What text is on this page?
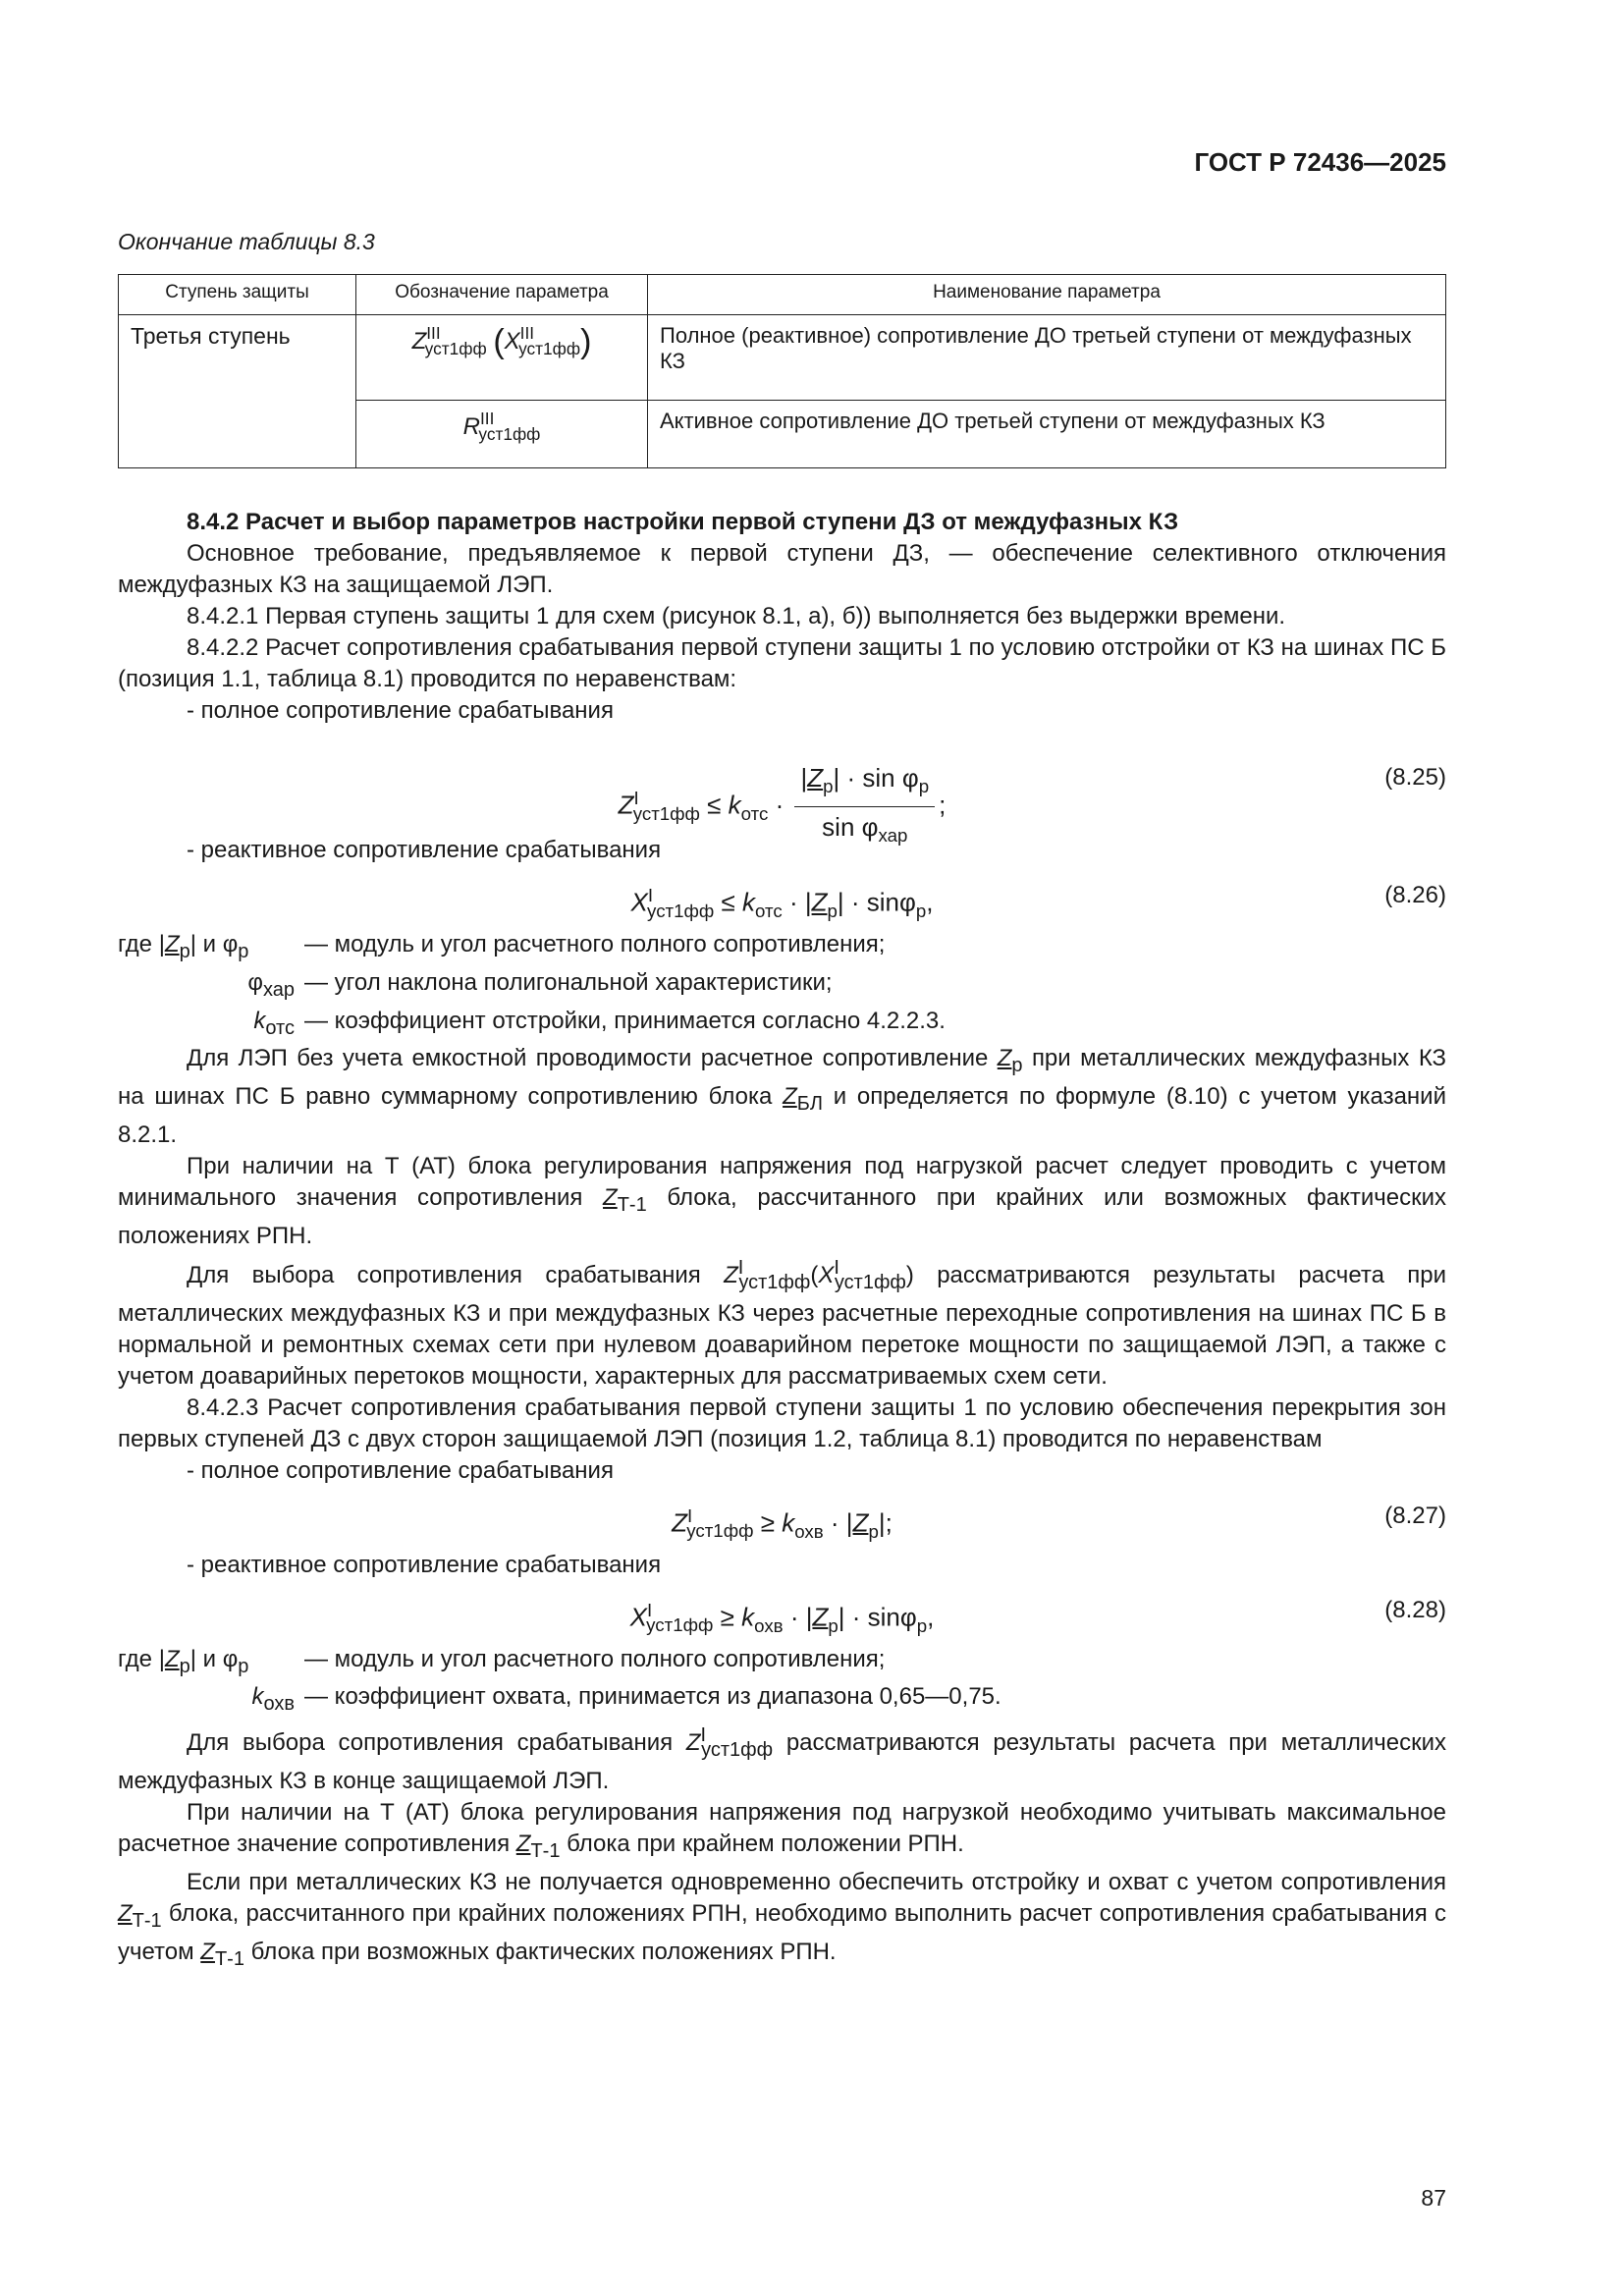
ГОСТ Р 72436—2025
Окончание таблицы 8.3
Ступень защиты	Обозначение параметра	Наименование параметра
Третья ступень	$Z^{III}_{уст1фф}$ $(X^{III}_{уст1фф})$	Полное (реактивное) сопротивление ДО третьей ступени от междуфазных КЗ
	$R^{III}_{уст1фф}$	Активное сопротивление ДО третьей ступени от междуфазных КЗ

8.4.2 Расчет и выбор параметров настройки первой ступени ДЗ от междуфазных КЗ

Основное требование, предъявляемое к первой ступени ДЗ, — обеспечение селективного отключения междуфазных КЗ на защищаемой ЛЭП.

8.4.2.1 Первая ступень защиты 1 для схем (рисунок 8.1, а), б)) выполняется без выдержки времени.

8.4.2.2 Расчет сопротивления срабатывания первой ступени защиты 1 по условию отстройки от КЗ на шинах ПС Б (позиция 1.1, таблица 8.1) проводится по неравенствам:

- полное сопротивление срабатывания

$Z^I_{уст1фф} \le k_{отс} \cdot \frac{|Z_р| \cdot \sin \varphi_р}{\sin \varphi_{хар}}$ ;
(8.25)

- реактивное сопротивление срабатывания

$X^I_{уст1фф} \le k_{отс} \cdot |Z_р| \cdot \sin\varphi_р$,	(8.26)
где $|Z_р|$ и $\varphi_р$	— модуль и угол расчетного полного сопротивления;
$\varphi_{хар}$ — угол наклона полигональной характеристики;
$k_{отс}$ — коэффициент отстройки, принимается согласно 4.2.2.3.

Для ЛЭП без учета емкостной проводимости расчетное сопротивление $Z_р$ при металлических междуфазных КЗ на шинах ПС Б равно суммарному сопротивлению блока $Z_{БЛ}$ и определяется по формуле (8.10) с учетом указаний 8.2.1.

При наличии на Т (АТ) блока регулирования напряжения под нагрузкой расчет следует проводить с учетом минимального значения сопротивления $Z_{Т-1}$ блока, рассчитанного при крайних или возможных фактических положениях РПН.

Для выбора сопротивления срабатывания $Z^I_{уст1фф}(X^I_{уст1фф})$ рассматриваются результаты расчета при металлических междуфазных КЗ и при междуфазных КЗ через расчетные переходные сопротивления на шинах ПС Б в нормальной и ремонтных схемах сети при нулевом доаварийном перетоке мощности по защищаемой ЛЭП, а также с учетом доаварийных перетоков мощности, характерных для рассматриваемых схем сети.

8.4.2.3 Расчет сопротивления срабатывания первой ступени защиты 1 по условию обеспечения перекрытия зон первых ступеней ДЗ с двух сторон защищаемой ЛЭП (позиция 1.2, таблица 8.1) проводится по неравенствам

- полное сопротивление срабатывания

$Z^I_{уст1фф} \ge k_{охв} \cdot |Z_р|$;	(8.27)

- реактивное сопротивление срабатывания

$X^I_{уст1фф} \ge k_{охв} \cdot |Z_р| \cdot \sin\varphi_р$,	(8.28)
где $|Z_р|$ и $\varphi_р$	— модуль и угол расчетного полного сопротивления;
$k_{охв}$ — коэффициент охвата, принимается из диапазона 0,65—0,75.

Для выбора сопротивления срабатывания $Z^I_{уст1фф}$ рассматриваются результаты расчета при металлических междуфазных КЗ в конце защищаемой ЛЭП.

При наличии на Т (АТ) блока регулирования напряжения под нагрузкой необходимо учитывать максимальное расчетное значение сопротивления $Z_{Т-1}$ блока при крайнем положении РПН.

Если при металлических КЗ не получается одновременно обеспечить отстройку и охват с учетом сопротивления $Z_{Т-1}$ блока, рассчитанного при крайних положениях РПН, необходимо выполнить расчет сопротивления срабатывания с учетом $Z_{Т-1}$ блока при возможных фактических положениях РПН.

87
